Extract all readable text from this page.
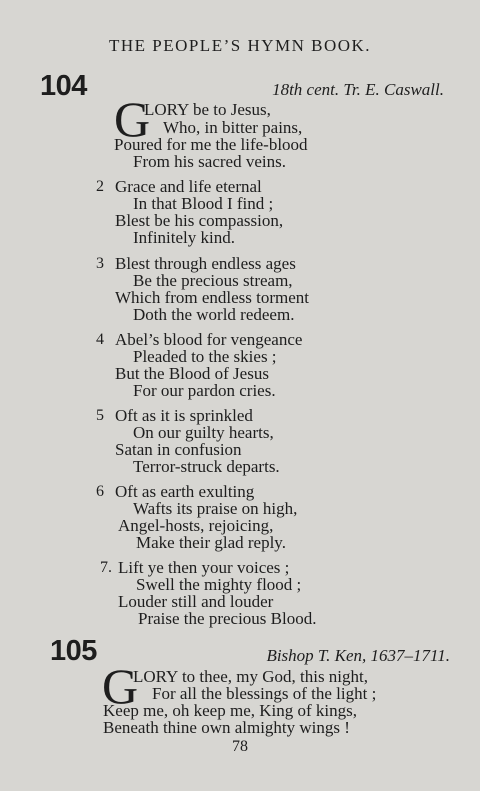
THE PEOPLE’S HYMN BOOK.
104	18th cent. Tr. E. Caswall.
G
LORY be to Jesus,
Who, in bitter pains,
Poured for me the life-blood
From his sacred veins.
2 Grace and life eternal
In that Blood I find ;
Blest be his compassion,
Infinitely kind.
3 Blest through endless ages
Be the precious stream,
Which from endless torment
Doth the world redeem.
4 Abel’s blood for vengeance
Pleaded to the skies ;
But the Blood of Jesus
For our pardon cries.
5 Oft as it is sprinkled
On our guilty hearts,
Satan in confusion
Terror-struck departs.
6 Oft as earth exulting
Wafts its praise on high,
Angel-hosts, rejoicing,
Make their glad reply.
7. Lift ye then your voices ;
Swell the mighty flood ;
Louder still and louder
Praise the precious Blood.
105	Bishop T. Ken, 1637–1711.
G
LORY to thee, my God, this night,
For all the blessings of the light ;
Keep me, oh keep me, King of kings,
Beneath thine own almighty wings !
78
